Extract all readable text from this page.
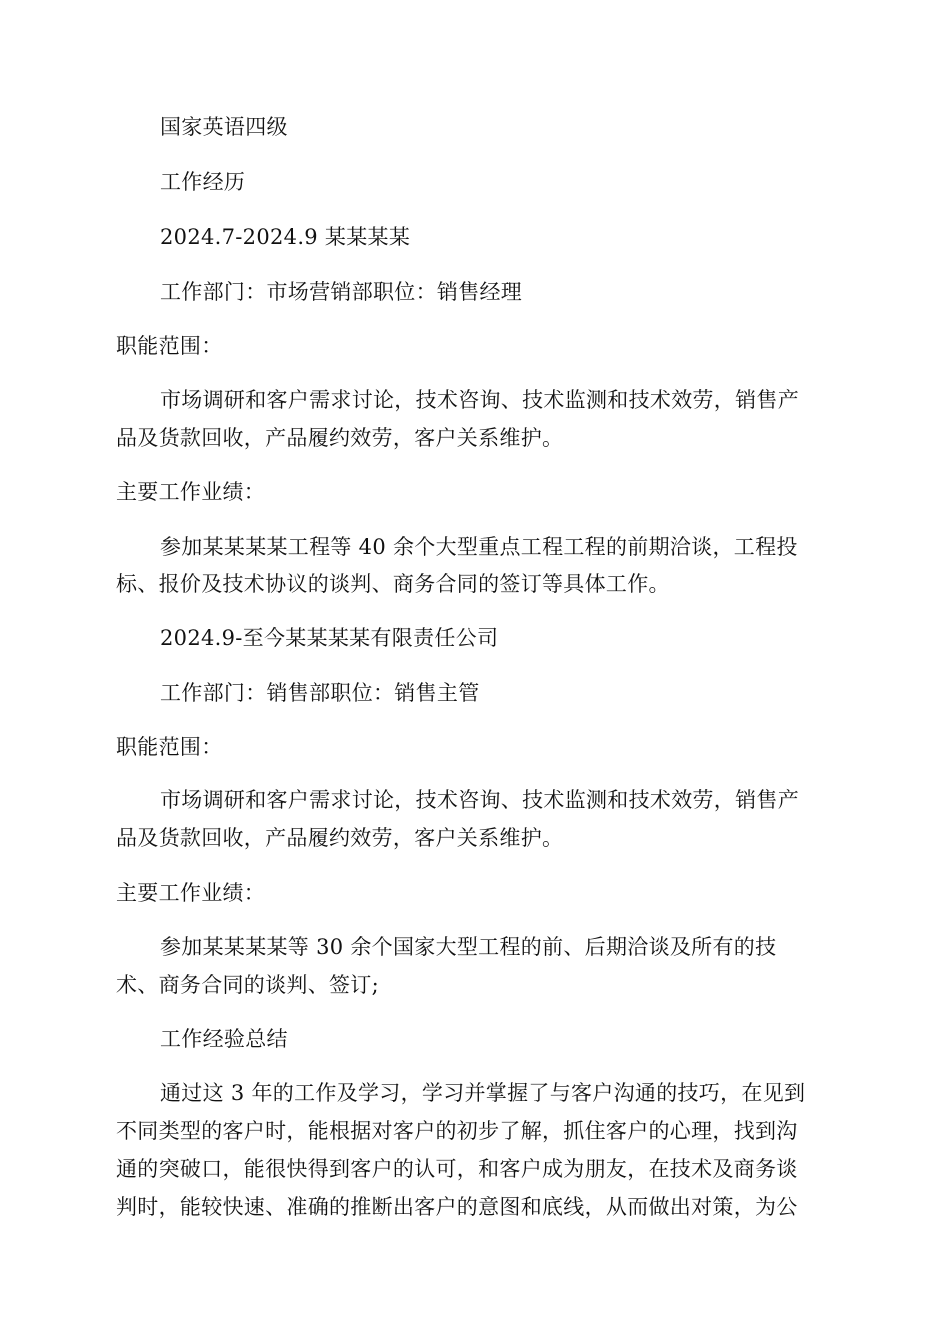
国家英语四级
工作经历
2024.7-2024.9 某某某某
工作部门：市场营销部职位：销售经理
职能范围：
市场调研和客户需求讨论，技术咨询、技术监测和技术效劳，销售产
品及货款回收，产品履约效劳，客户关系维护。
主要工作业绩：
参加某某某某工程等 40 余个大型重点工程工程的前期洽谈，工程投
标、报价及技术协议的谈判、商务合同的签订等具体工作。
2024.9-至今某某某某有限责任公司
工作部门：销售部职位：销售主管
职能范围：
市场调研和客户需求讨论，技术咨询、技术监测和技术效劳，销售产
品及货款回收，产品履约效劳，客户关系维护。
主要工作业绩：
参加某某某某等 30 余个国家大型工程的前、后期洽谈及所有的技
术、商务合同的谈判、签订;
工作经验总结
通过这 3 年的工作及学习，学习并掌握了与客户沟通的技巧，在见到
不同类型的客户时，能根据对客户的初步了解，抓住客户的心理，找到沟
通的突破口，能很快得到客户的认可，和客户成为朋友，在技术及商务谈
判时，能较快速、准确的推断出客户的意图和底线，从而做出对策，为公
